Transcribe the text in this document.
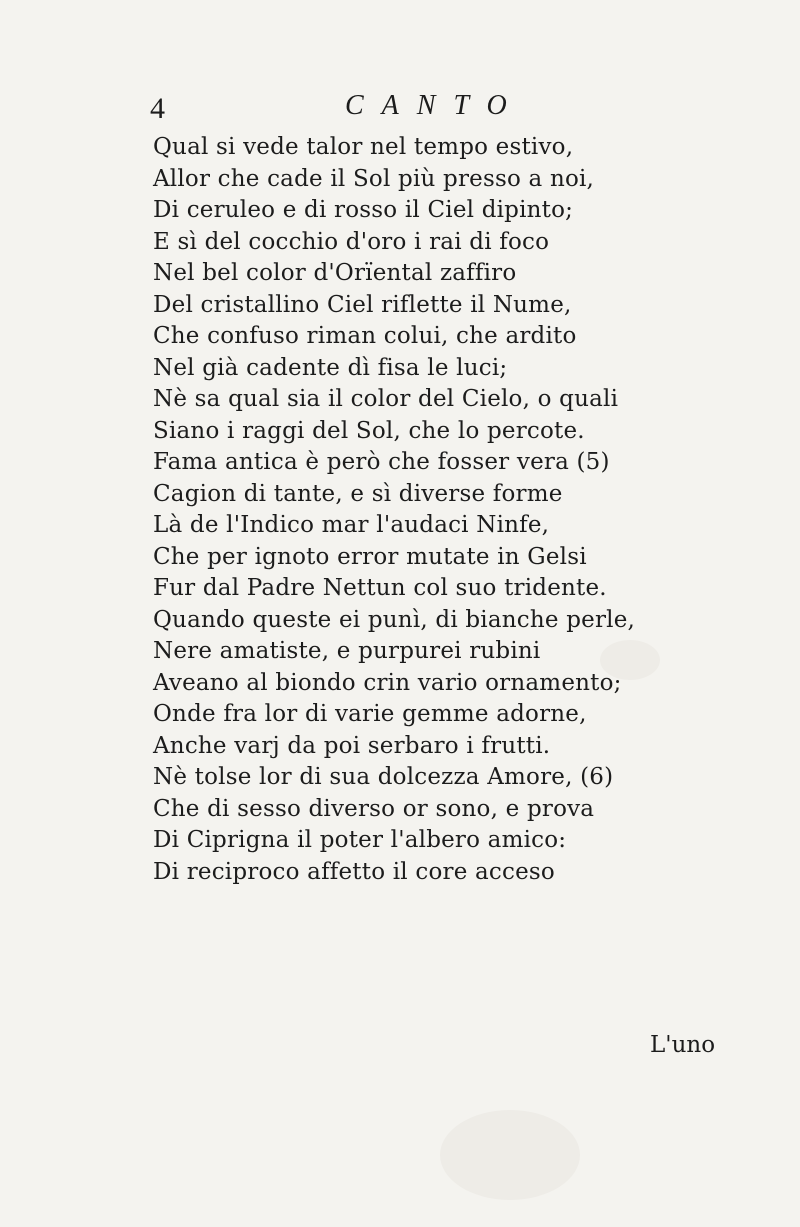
4	CANTO
Qual si vede talor nel tempo estivo,
Allor che cade il Sol più presso a noi,
Di ceruleo e di rosso il Ciel dipinto;
E sì del cocchio d'oro i rai di foco
Nel bel color d'Orïental zaffiro
Del cristallino Ciel riflette il Nume,
Che confuso riman colui, che ardito
Nel già cadente dì fisa le luci;
Nè sa qual sia il color del Cielo, o quali
Siano i raggi del Sol, che lo percote.
Fama antica è però che fosser vera (5)
Cagion di tante, e sì diverse forme
Là de l'Indico mar l'audaci Ninfe,
Che per ignoto error mutate in Gelsi
Fur dal Padre Nettun col suo tridente.
Quando queste ei punì, di bianche perle,
Nere amatiste, e purpurei rubini
Aveano al biondo crin vario ornamento;
Onde fra lor di varie gemme adorne,
Anche varj da poi serbaro i frutti.
Nè tolse lor di sua dolcezza Amore, (6)
Che di sesso diverso or sono, e prova
Di Ciprigna il poter l'albero amico:
Di reciproco affetto il core acceso
L'uno
